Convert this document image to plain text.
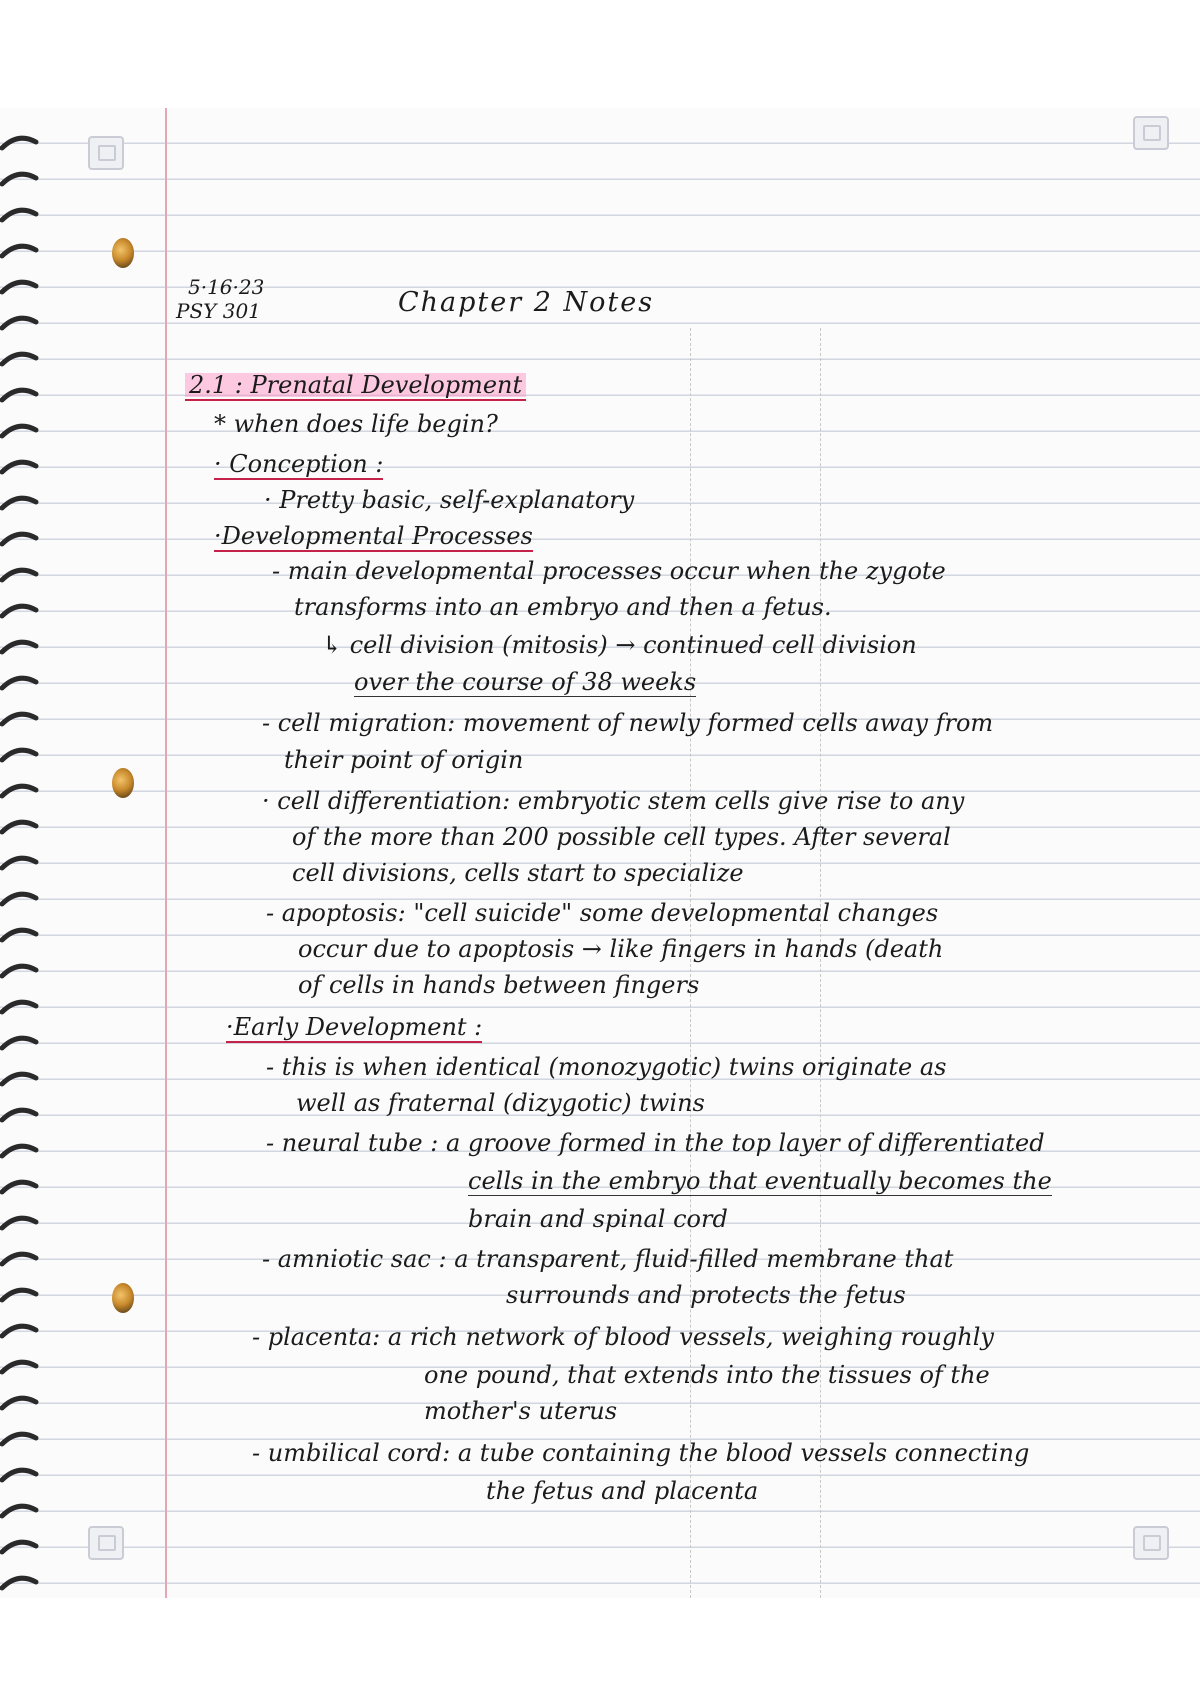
5·16·23

PSY 301	Chapter 2 Notes

2.1 : Prenatal Development

* when does life begin?

· Conception :

· Pretty basic, self-explanatory

·Developmental Processes

- main developmental processes occur when the zygote

transforms into an embryo and then a fetus.

↳ cell division (mitosis) → continued cell division

over the course of 38 weeks

- cell migration: movement of newly formed cells away from

their point of origin

· cell differentiation: embryotic stem cells give rise to any

of the more than 200 possible cell types. After several

cell divisions, cells start to specialize

- apoptosis: "cell suicide" some developmental changes

occur due to apoptosis → like fingers in hands (death

of cells in hands between fingers

·Early Development :

- this is when identical (monozygotic) twins originate as

well as fraternal (dizygotic) twins

- neural tube : a groove formed in the top layer of differentiated

cells in the embryo that eventually becomes the

brain and spinal cord

- amniotic sac : a transparent, fluid-filled membrane that

surrounds and protects the fetus

- placenta: a rich network of blood vessels, weighing roughly

one pound, that extends into the tissues of the

mother's uterus

- umbilical cord: a tube containing the blood vessels connecting

the fetus and placenta
